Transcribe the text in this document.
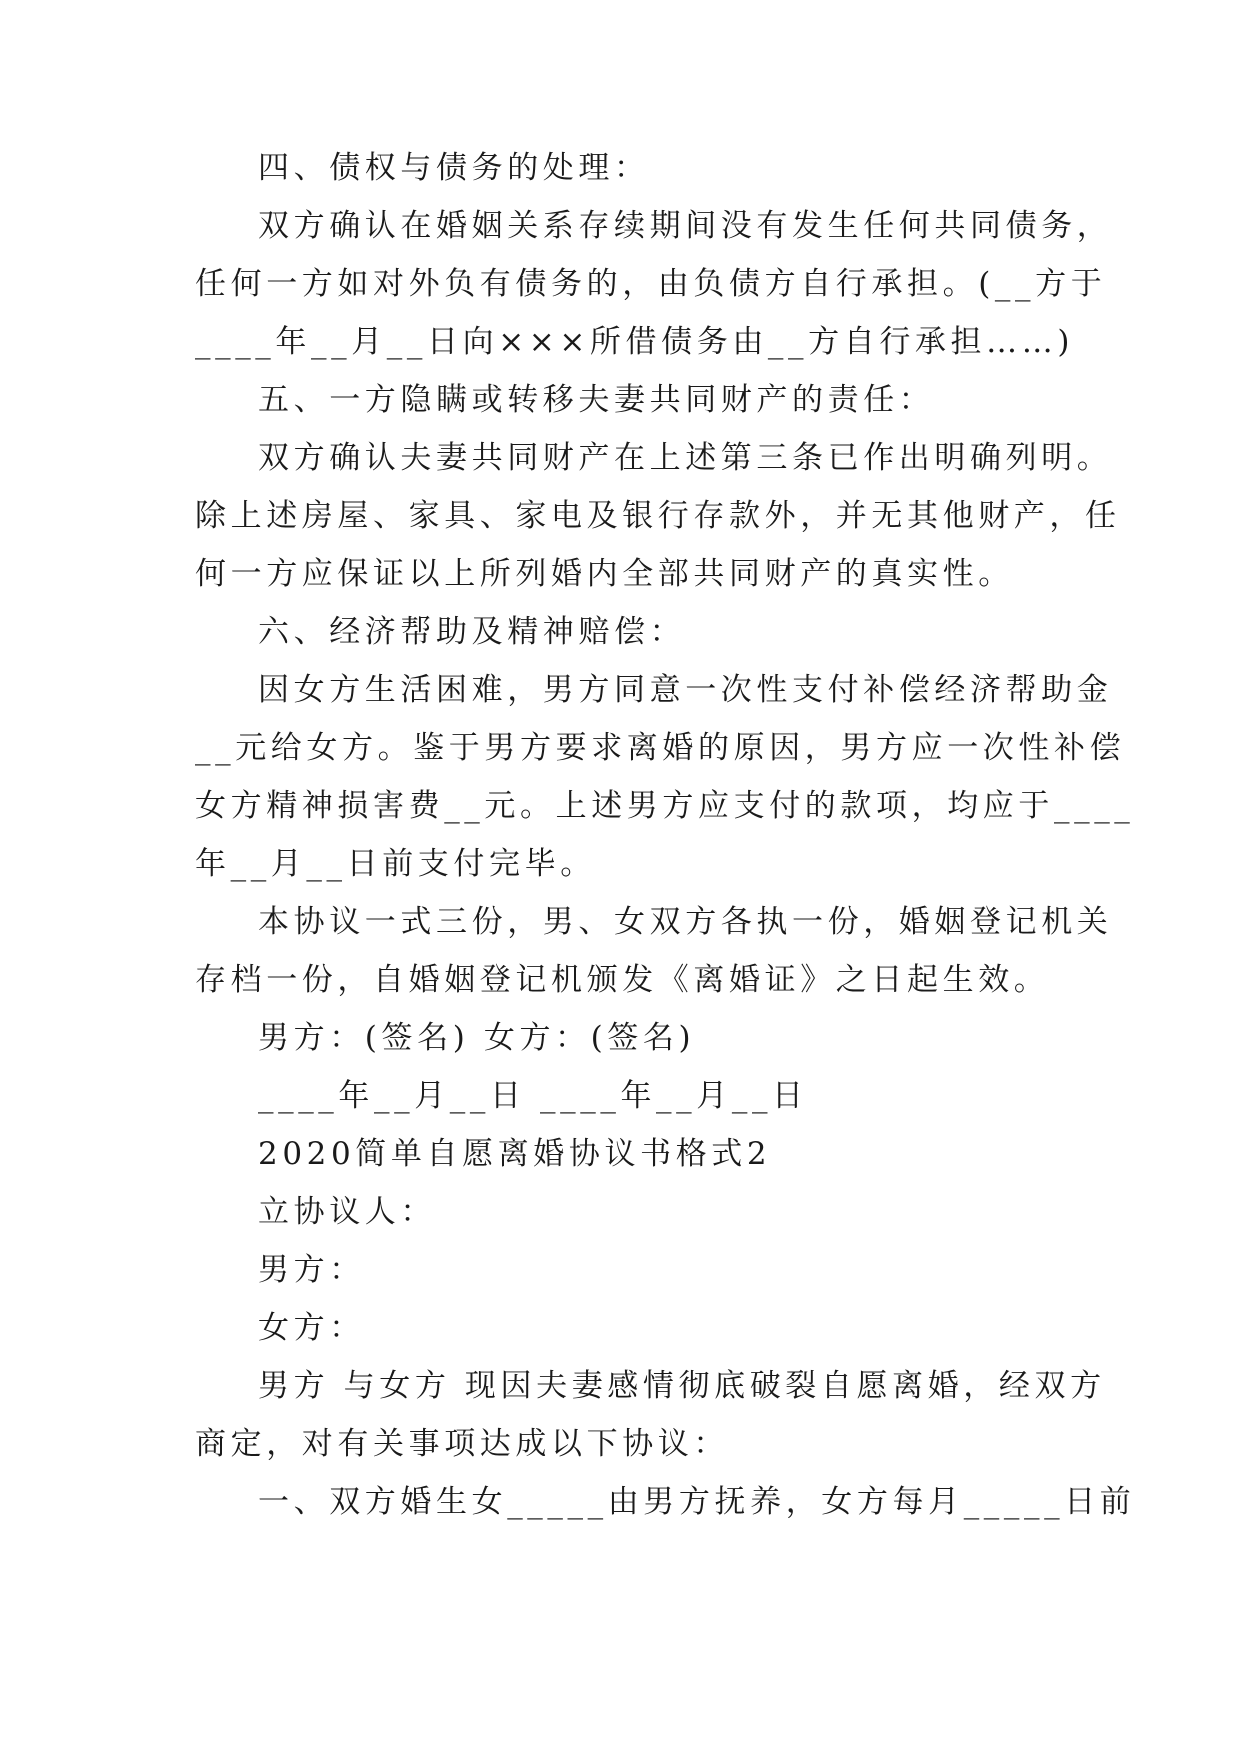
四、债权与债务的处理：
双方确认在婚姻关系存续期间没有发生任何共同债务，
任何一方如对外负有债务的，由负债方自行承担。(__方于
____年__月__日向×××所借债务由__方自行承担……)
五、一方隐瞒或转移夫妻共同财产的责任：
双方确认夫妻共同财产在上述第三条已作出明确列明。
除上述房屋、家具、家电及银行存款外，并无其他财产，任
何一方应保证以上所列婚内全部共同财产的真实性。
六、经济帮助及精神赔偿：
因女方生活困难，男方同意一次性支付补偿经济帮助金
__元给女方。鉴于男方要求离婚的原因，男方应一次性补偿
女方精神损害费__元。上述男方应支付的款项，均应于____
年__月__日前支付完毕。
本协议一式三份，男、女双方各执一份，婚姻登记机关
存档一份，自婚姻登记机颁发《离婚证》之日起生效。
男方：(签名) 女方：(签名)
____年__月__日 ____年__月__日
2020简单自愿离婚协议书格式2
立协议人：
男方：
女方：
男方 与女方 现因夫妻感情彻底破裂自愿离婚，经双方
商定，对有关事项达成以下协议：
一、双方婚生女_____由男方抚养，女方每月_____日前
